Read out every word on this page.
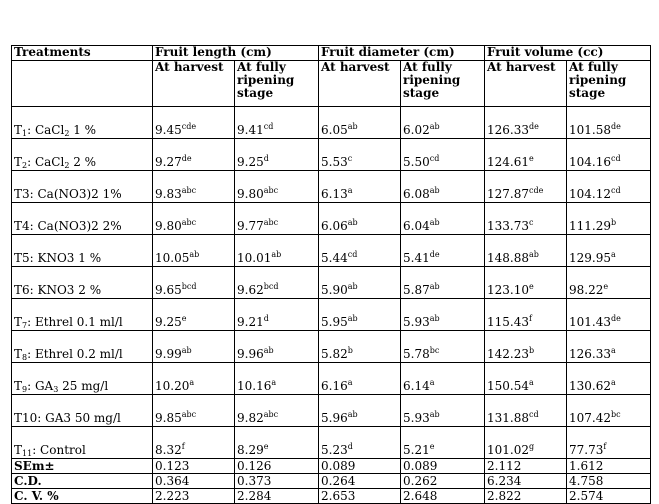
Treatments	Fruit length (cm)		Fruit diameter (cm)		Fruit volume (cc)	
	At harvest	At fully ripening stage	At harvest	At fully ripening stage	At harvest	At fully ripening stage
$T_1$: CaCl$_2$ 1 %	9.45$^{cde}$	9.41$^{cd}$	6.05$^{ab}$	6.02$^{ab}$	126.33de	101.58de
$T_2$: CaCl$_2$ 2 %	9.27de	9.25$^d$	5.53$^c$	5.50$^{cd}$	124.61e	104.16$^{cd}$
T3: Ca(NO3)2 1%	9.83$^{abc}$	9.80$^{abc}$	6.13$^a$	6.08$^{ab}$	127.87$^{cde}$	104.12$^{cd}$
T4: Ca(NO3)2 2%	9.80$^{abc}$	9.77$^{abc}$	6.06$^{ab}$	6.04$^{ab}$	133.73$^c$	111.29$^b$
T5: KNO3 1 %	10.05$^{ab}$	10.01$^{ab}$	5.44$^{cd}$	5.41de	148.88$^{ab}$	129.95$^a$
T6: KNO3 2 %	9.65$^{bcd}$	9.62$^{bcd}$	5.90$^{ab}$	5.87$^{ab}$	123.10e	98.22e
$T_7$: Ethrel 0.1 ml/l	9.25e	9.21$^d$	5.95$^{ab}$	5.93$^{ab}$	115.43$^f$	101.43de
$T_8$: Ethrel 0.2 ml/l	9.99$^{ab}$	9.96$^{ab}$	5.82$^b$	5.78$^{bc}$	142.23$^b$	126.33$^a$
$T_9$: $GA_3$ 25 mg/l	10.20$^a$	10.16$^a$	6.16$^a$	6.14$^a$	150.54$^a$	130.62$^a$
T10: GA3 50 mg/l	9.85$^{abc}$	9.82$^{abc}$	5.96$^{ab}$	5.93$^{ab}$	131.88$^{cd}$	107.42$^{bc}$
$T_{11}$: Control	8.32$^f$	8.29e	5.23$^d$	5.21e	101.02$^g$	77.73$^f$
SEm±	0.123	0.126	0.089	0.089	2.112	1.612
C.D.	0.364	0.373	0.264	0.262	6.234	4.758
C. V. %	2.223	2.284	2.653	2.648	2.822	2.574
